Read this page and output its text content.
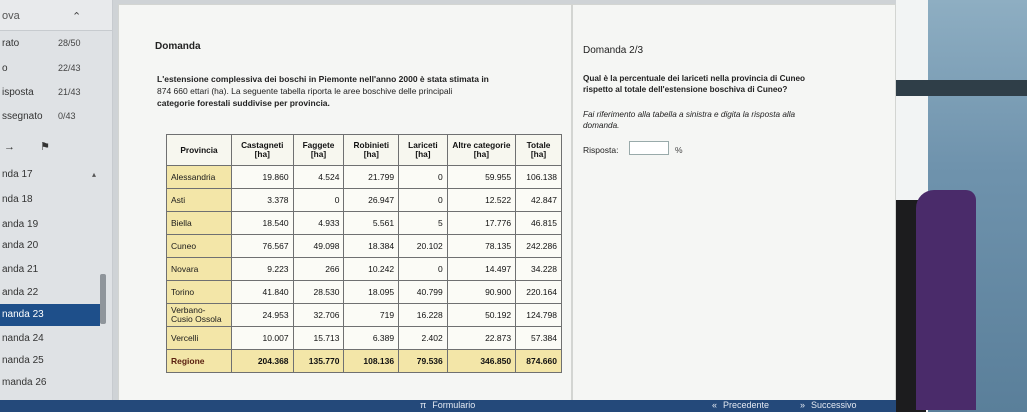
ova	⌃
rato	28/50
o	22/43
isposta	21/43
ssegnato	0/43
→ ⚑
nda 17	▴
nda 18
anda 19
anda 20
anda 21
anda 22
nanda 23
nanda 24
nanda 25
manda 26
Domanda
L'estensione complessiva dei boschi in Piemonte nell'anno 2000 è stata stimata in
874 660 ettari (ha). La seguente tabella riporta le aree boschive delle principali
categorie forestali suddivise per provincia.
Provincia	Castagneti [ha]	Faggete [ha]	Robinieti [ha]	Lariceti [ha]	Altre categorie [ha]	Totale [ha]
Alessandria	19.860	4.524	21.799	0	59.955	106.138
Asti	3.378	0	26.947	0	12.522	42.847
Biella	18.540	4.933	5.561	5	17.776	46.815
Cuneo	76.567	49.098	18.384	20.102	78.135	242.286
Novara	9.223	266	10.242	0	14.497	34.228
Torino	41.840	28.530	18.095	40.799	90.900	220.164
Verbano-Cusio Ossola	24.953	32.706	719	16.228	50.192	124.798
Vercelli	10.007	15.713	6.389	2.402	22.873	57.384
Regione	204.368	135.770	108.136	79.536	346.850	874.660
Domanda 2/3
Qual è la percentuale dei lariceti nella provincia di Cuneo
rispetto al totale dell'estensione boschiva di Cuneo?
Fai riferimento alla tabella a sinistra e digita la risposta alla
domanda.
Risposta:	%
π Formulario	« Precedente	» Successivo
